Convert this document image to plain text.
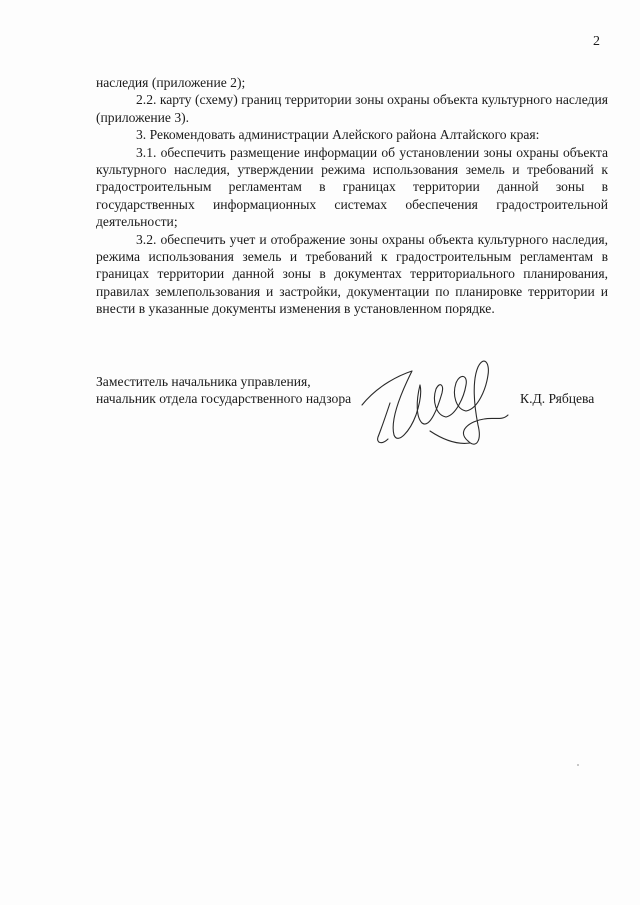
2

наследия (приложение 2);

2.2. карту (схему) границ территории зоны охраны объекта культурного наследия (приложение 3).

3. Рекомендовать администрации Алейского района Алтайского края:

3.1. обеспечить размещение информации об установлении зоны охраны объекта культурного наследия, утверждении режима использования земель и требований к градостроительным регламентам в границах территории данной зоны в государственных информационных системах обеспечения градостроительной деятельности;

3.2. обеспечить учет и отображение зоны охраны объекта культурного наследия, режима использования земель и требований к градостроительным регламентам в границах территории данной зоны в документах территориального планирования, правилах землепользования и застройки, документации по планировке территории и внести в указанные документы изменения в установленном порядке.

Заместитель начальника управления,
начальник отдела государственного надзора	К.Д. Рябцева
